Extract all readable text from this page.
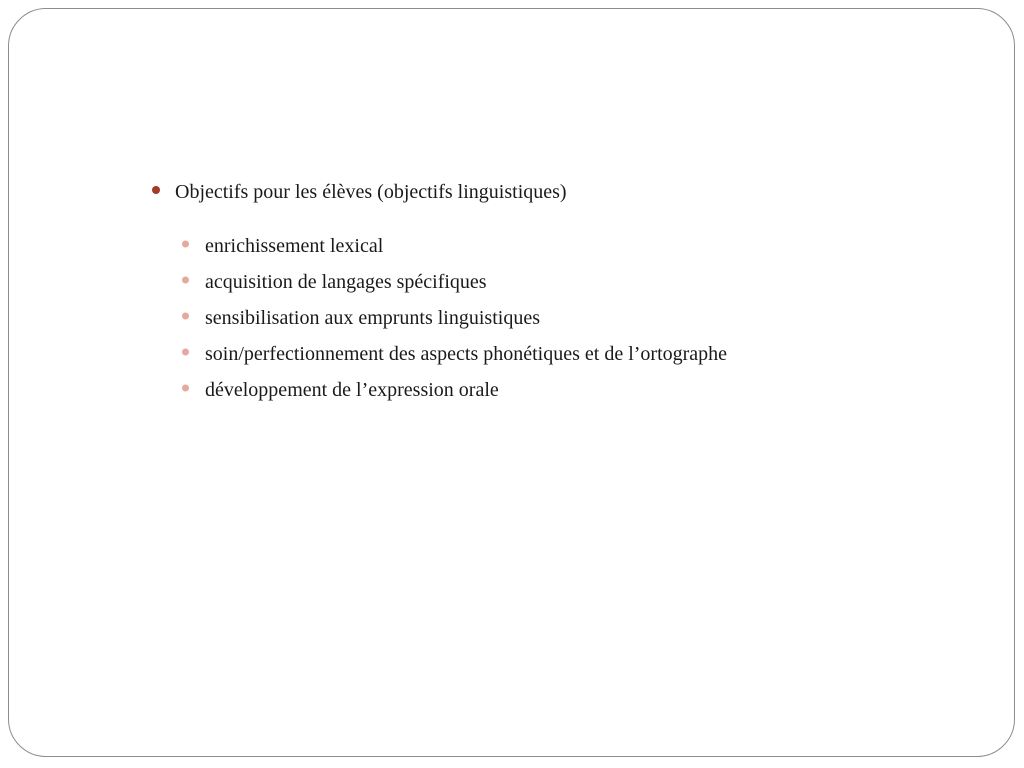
Objectifs pour les élèves (objectifs linguistiques)
enrichissement lexical
acquisition de langages spécifiques
sensibilisation aux emprunts linguistiques
soin/perfectionnement des aspects phonétiques et de l’ortographe
développement de l’expression orale
